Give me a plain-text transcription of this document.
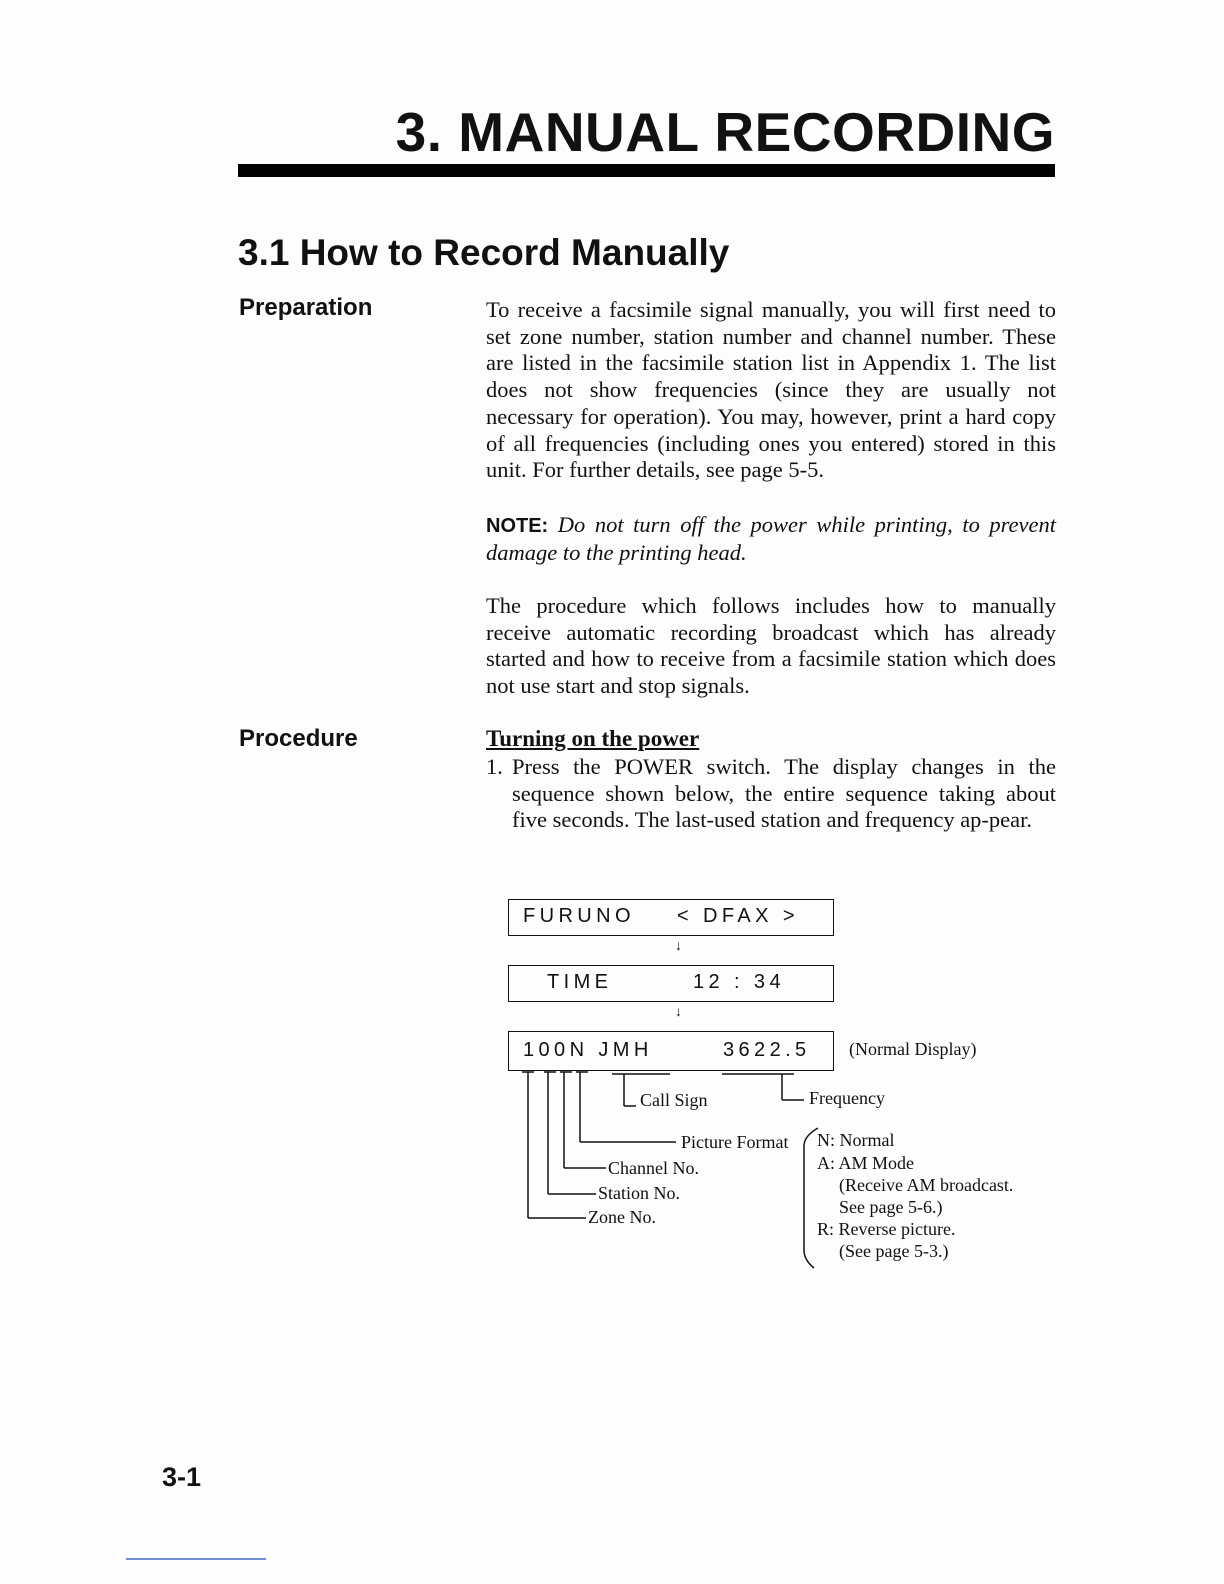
3. MANUAL RECORDING
3.1 How to Record Manually
Preparation	To receive a facsimile signal manually, you will first need to set zone number, station number and channel number. These are listed in the facsimile station list in Appendix 1. The list does not show frequencies (since they are usually not necessary for operation). You may, however, print a hard copy of all frequencies (including ones you entered) stored in this unit. For further details, see page 5-5.

NOTE: Do not turn off the power while printing, to prevent damage to the printing head.

The procedure which follows includes how to manually receive automatic recording broadcast which has already started and how to receive from a facsimile station which does not use start and stop signals.

Procedure	Turning on the power
1. Press the POWER switch. The display changes in the sequence shown below, the entire sequence taking about five seconds. The last-used station and frequency ap-pear.

FURUNO < DFAX >
↓
TIME	12 : 34
↓
100N JMH	3622.5 (Normal Display)
Call Sign	Frequency
Picture Format
Channel No.
Station No.
Zone No.
N: Normal
A: AM Mode
(Receive AM broadcast.
See page 5-6.)
R: Reverse picture.
(See page 5-3.)
3-1
